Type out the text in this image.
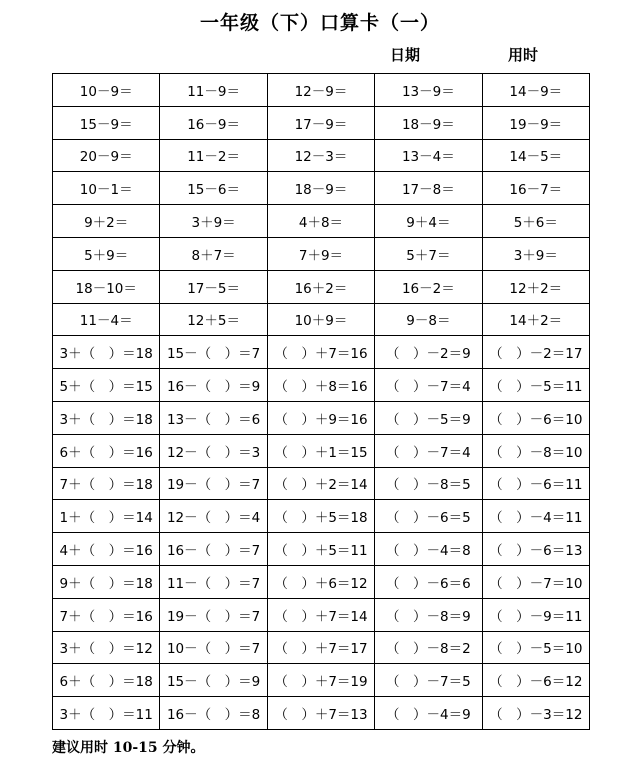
一年级（下）口算卡（一）
日期	用时
10－9＝	11－9＝	12－9＝	13－9＝	14－9＝
15－9＝	16－9＝	17－9＝	18－9＝	19－9＝
20－9＝	11－2＝	12－3＝	13－4＝	14－5＝
10－1＝	15－6＝	18－9＝	17－8＝	16－7＝
9＋2＝	3＋9＝	4＋8＝	9＋4＝	5＋6＝
5＋9＝	8＋7＝	7＋9＝	5＋7＝	3＋9＝
18－10＝	17－5＝	16＋2＝	16－2＝	12＋2＝
11－4＝	12＋5＝	10＋9＝	9－8＝	14＋2＝
3＋（　）＝18	15－（　）＝7	（　）＋7＝16	（　）－2＝9	（　）－2＝17
5＋（　）＝15	16－（　）＝9	（　）＋8＝16	（　）－7＝4	（　）－5＝11
3＋（　）＝18	13－（　）＝6	（　）＋9＝16	（　）－5＝9	（　）－6＝10
6＋（　）＝16	12－（　）＝3	（　）＋1＝15	（　）－7＝4	（　）－8＝10
7＋（　）＝18	19－（　）＝7	（　）＋2＝14	（　）－8＝5	（　）－6＝11
1＋（　）＝14	12－（　）＝4	（　）＋5＝18	（　）－6＝5	（　）－4＝11
4＋（　）＝16	16－（　）＝7	（　）＋5＝11	（　）－4＝8	（　）－6＝13
9＋（　）＝18	11－（　）＝7	（　）＋6＝12	（　）－6＝6	（　）－7＝10
7＋（　）＝16	19－（　）＝7	（　）＋7＝14	（　）－8＝9	（　）－9＝11
3＋（　）＝12	10－（　）＝7	（　）＋7＝17	（　）－8＝2	（　）－5＝10
6＋（　）＝18	15－（　）＝9	（　）＋7＝19	（　）－7＝5	（　）－6＝12
3＋（　）＝11	16－（　）＝8	（　）＋7＝13	（　）－4＝9	（　）－3＝12
建议用时 10-15 分钟。
